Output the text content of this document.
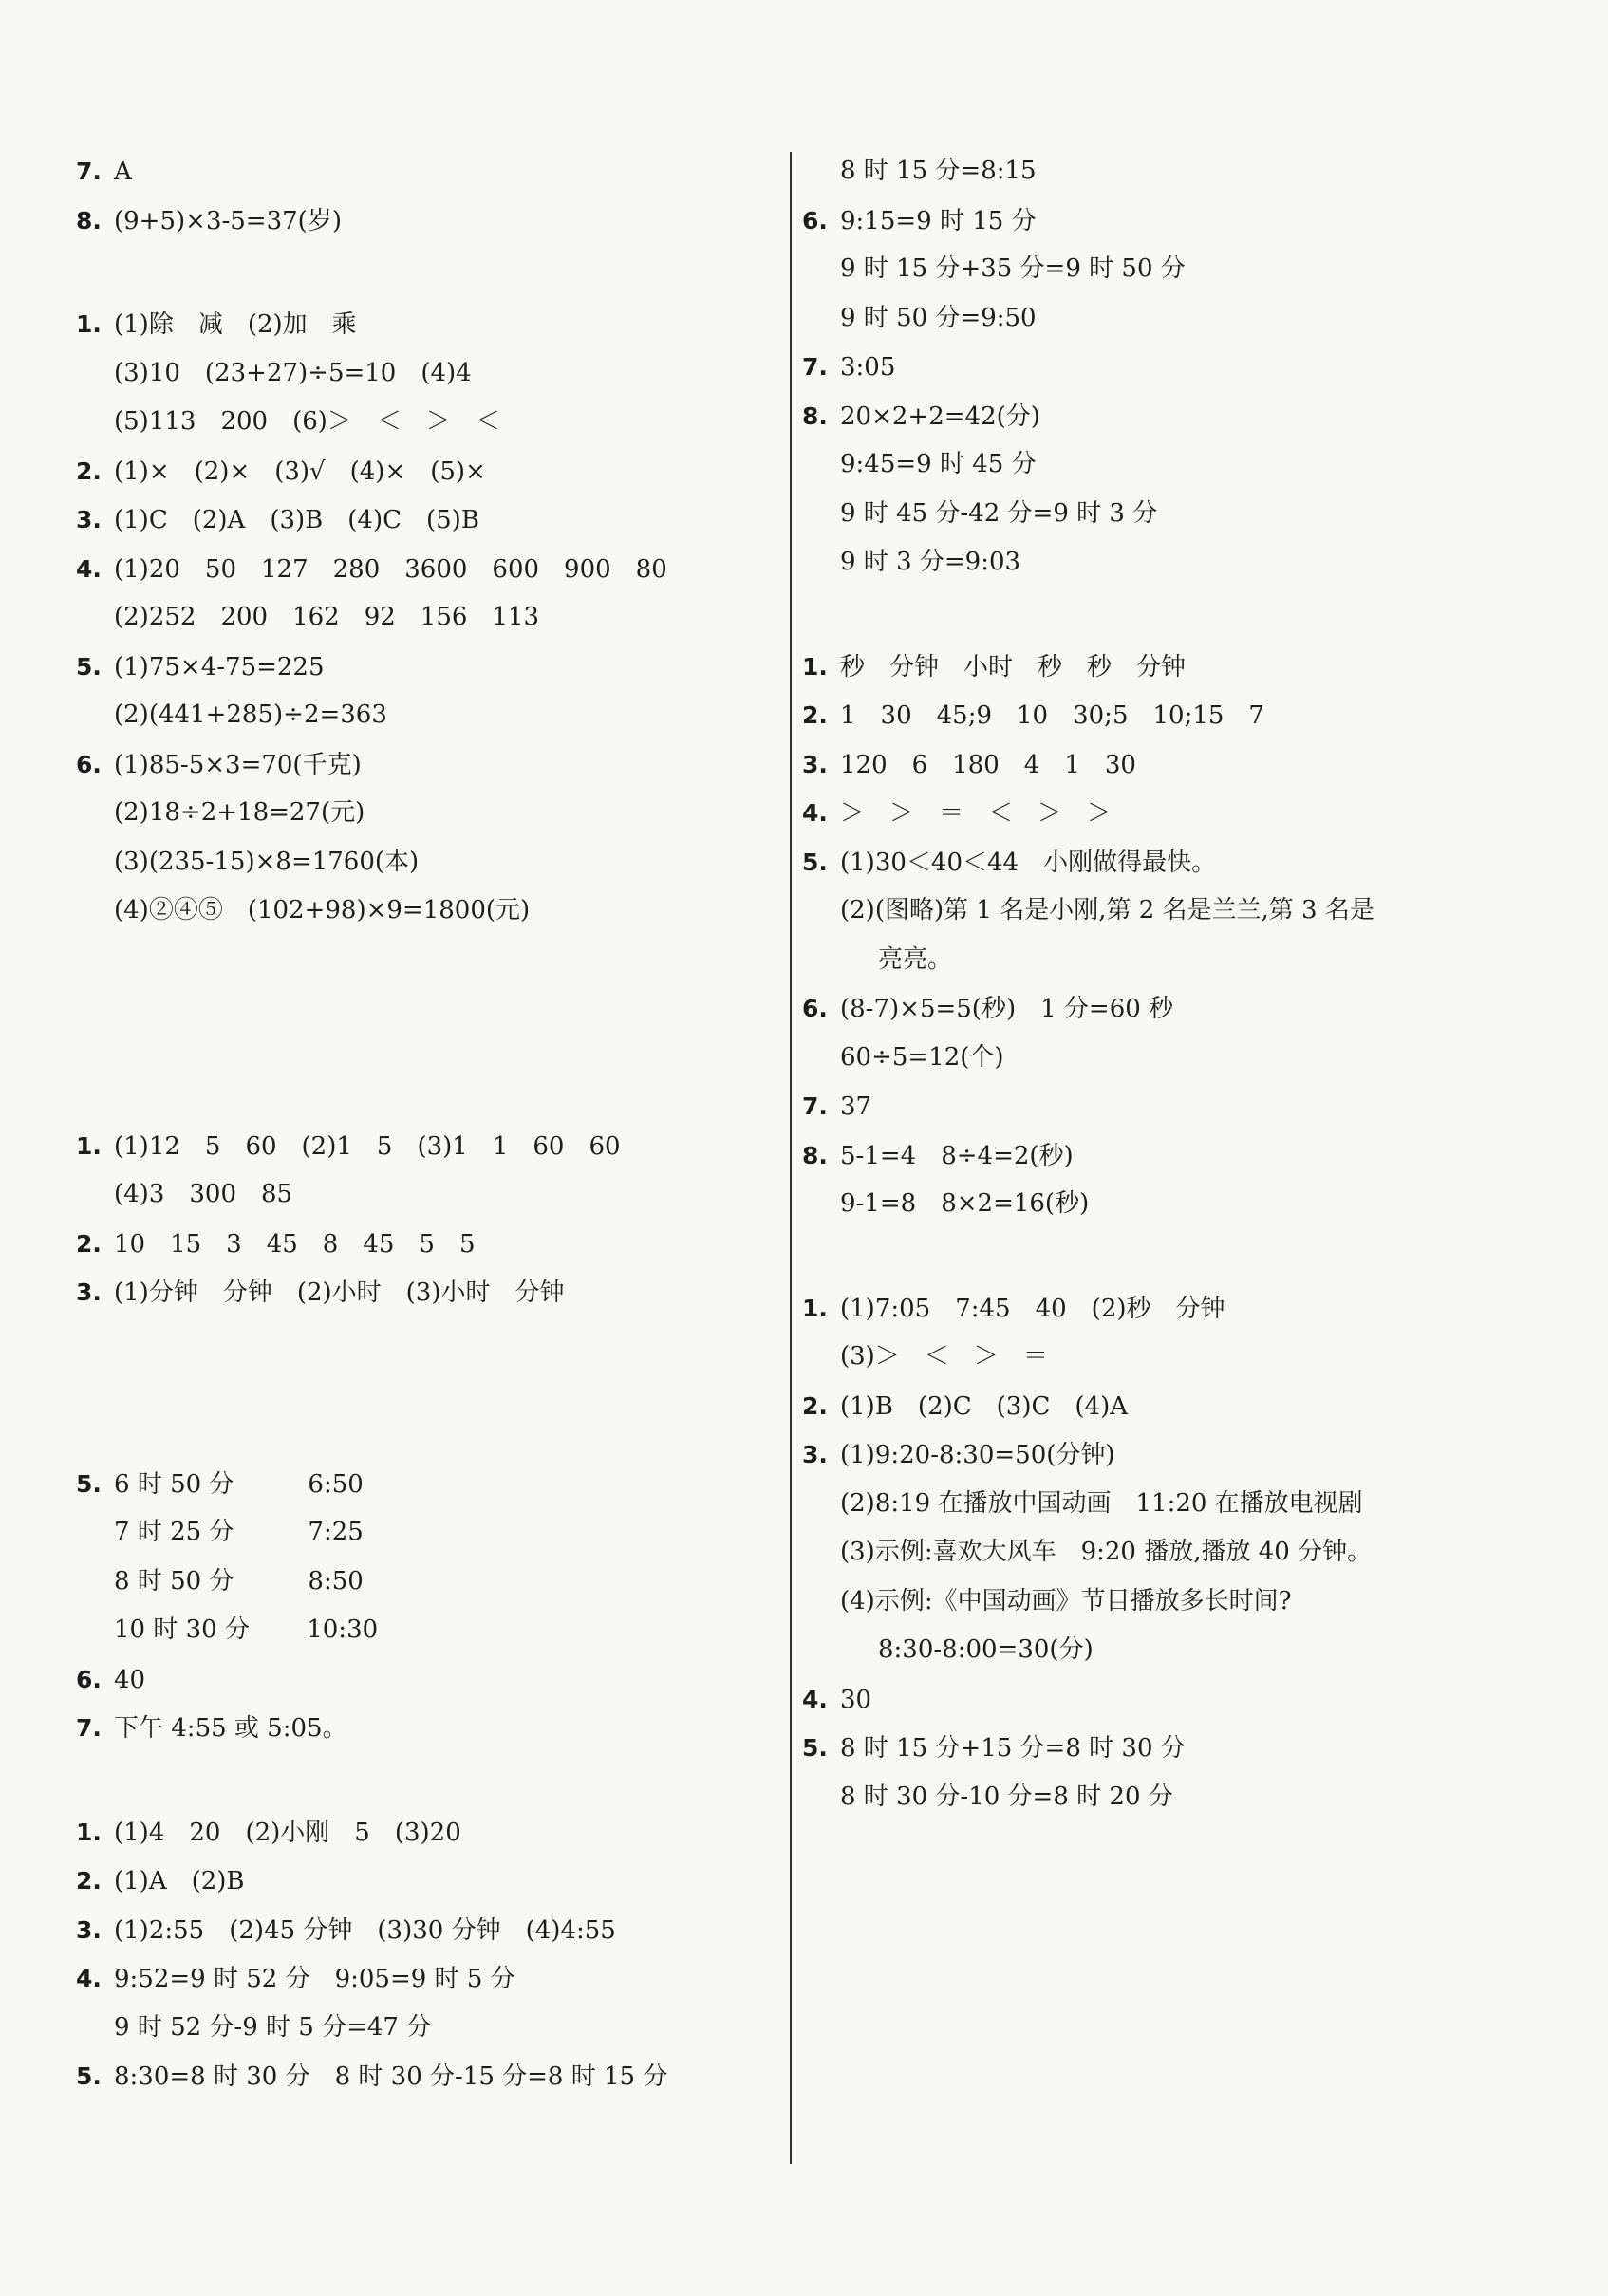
7. A
8. (9+5)×3-5=37(岁)
1. (1)除　减　(2)加　乘
(3)10　(23+27)÷5=10　(4)4
(5)113　200　(6)＞　＜　＞　＜
2. (1)×　(2)×　(3)√　(4)×　(5)×
3. (1)C　(2)A　(3)B　(4)C　(5)B
4. (1)20　50　127　280　3600　600　900　80
(2)252　200　162　92　156　113
5. (1)75×4-75=225
(2)(441+285)÷2=363
6. (1)85-5×3=70(千克)
(2)18÷2+18=27(元)
(3)(235-15)×8=1760(本)
(4)②④⑤　(102+98)×9=1800(元)
1. (1)12　5　60　(2)1　5　(3)1　1　60　60
(4)3　300　85
2. 10　15　3　45　8　45　5　5
3. (1)分钟　分钟　(2)小时　(3)小时　分钟
5. 6 时 50 分　　　6:50
7 时 25 分　　　7:25
8 时 50 分　　　8:50
10 时 30 分　　 10:30
6. 40
7. 下午 4:55 或 5:05。
1. (1)4　20　(2)小刚　5　(3)20
2. (1)A　(2)B
3. (1)2:55　(2)45 分钟　(3)30 分钟　(4)4:55
4. 9:52=9 时 52 分　9:05=9 时 5 分
9 时 52 分-9 时 5 分=47 分
5. 8:30=8 时 30 分　8 时 30 分-15 分=8 时 15 分
8 时 15 分=8:15
6. 9:15=9 时 15 分
9 时 15 分+35 分=9 时 50 分
9 时 50 分=9:50
7. 3:05
8. 20×2+2=42(分)
9:45=9 时 45 分
9 时 45 分-42 分=9 时 3 分
9 时 3 分=9:03
1. 秒　分钟　小时　秒　秒　分钟
2. 1　30　45;9　10　30;5　10;15　7
3. 120　6　180　4　1　30
4. ＞　＞　＝　＜　＞　＞
5. (1)30＜40＜44　小刚做得最快。
(2)(图略)第 1 名是小刚,第 2 名是兰兰,第 3 名是
亮亮。
6. (8-7)×5=5(秒)　1 分=60 秒
60÷5=12(个)
7. 37
8. 5-1=4　8÷4=2(秒)
9-1=8　8×2=16(秒)
1. (1)7:05　7:45　40　(2)秒　分钟
(3)＞　＜　＞　＝
2. (1)B　(2)C　(3)C　(4)A
3. (1)9:20-8:30=50(分钟)
(2)8:19 在播放中国动画　11:20 在播放电视剧
(3)示例:喜欢大风车　9:20 播放,播放 40 分钟。
(4)示例:《中国动画》节目播放多长时间?
8:30-8:00=30(分)
4. 30
5. 8 时 15 分+15 分=8 时 30 分
8 时 30 分-10 分=8 时 20 分
